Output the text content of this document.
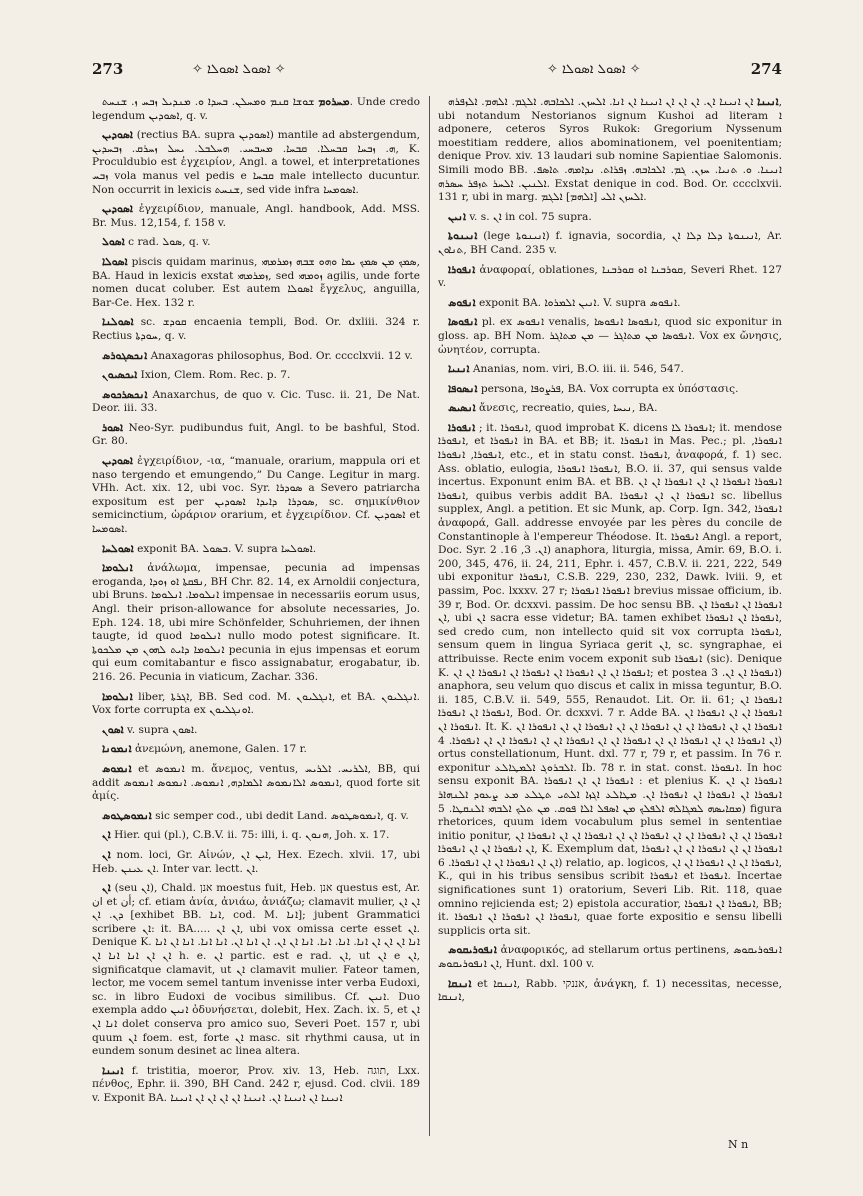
273	✧ ܐܣܘܠ ܐܣܘܠܐ ✧	✧ ܐܣܘܠ ܐܣܘܠܐ ✧	274

ܡܚܪܘܡ ܫܘܫܐ ܩܢܡ ܘܡܚܠܢ. ܒܚܕܐ ܘ. ܡܢܕܝܠ ܙܒܚ ܙ. ܫܢܚܬ. Unde credo legendum ܐܣܘܕܝܢ, q. v.

ܐܣܘܕܝܢ (rectius BA. supra ܐܣܘܕܝܢ) mantile ad abstergendum, ܗ. ܙܒܚܐ ܩܒܚܠܐ. ܩܒܚܐ. ܡܚܒܚܝ. ܗܚܠܒܠ. ܝܚܠ ܙܚܪܩ. ܙܒܚܕܝܢ, K. Proculdubio est ἐγχειρίον, Angl. a towel, et interpretationes ܙܒܚ vola manus vel pedis e ܩܒܚܐ male intellecto ducuntur. Non occurrit in lexicis ܫܢܚܬ, sed vide infra ܐܣܘܡܚܐ.

ܐܣܘܕܝܢ ἐγχειρίδιον, manuale, Angl. handbook, Add. MSS. Br. Mus. 12,154, f. 158 v.

ܐܣܘܠ c rad. ܣܘܠ, q. v.

ܐܣܘܠܐ piscis quidam marinus, ܣܡܟ ܡܢ ܣܡܟ ܝܡܐ ܘܗܘ ܫܒܗ ܙܡܪܡܗܝ, BA. Haud in lexicis exstat ܙܡܪܡܗܝ, sed ܙܘܡܗܝ agilis, unde forte nomen ducat coluber. Est autem ܐܣܘܠܐ ἔγχελυς, anguilla, Bar-Ce. Hex. 132 r.

ܐܣܘܠܢܐ sc. ܩܘܕܫ encaenia templi, Bod. Or. dxliii. 324 r. Rectius ܚܘܕܬܐ, q. v.

ܐܢܟܣܓܘܪܣ Anaxagoras philosophus, Bod. Or. cccclxvii. 12 v.

ܐܝܟܣܝܘܢ Ixion, Clem. Rom. Rec. p. 7.

ܐܢܟܣܪܟܘܣ Anaxarchus, de quo v. Cic. Tusc. ii. 21, De Nat. Deor. iii. 33.

ܐܣܘܪ Neo-Syr. pudibundus fuit, Angl. to be bashful, Stod. Gr. 80.

ܐܣܘܕܝܢ ἐγχειρίδιον, -ια, “manuale, orarium, mappula ori et naso tergendo et emungendo,” Du Cange. Legitur in marg. VHh. Act. xix. 12, ubi voc. Syr. ܣܘܕܪܐ a Severo patriarcha expositum est per ܣܘܕܪܐ ܕܐܝܕܐ ܐܣܘܕܝܢ, sc. σημικίνθιον semicinctium, ὡράριον orarium, et ἐγχειρίδιον. Cf. ܐܣܘܕܝܢ et ܐܣܘܡܚܐ.

ܐܣܘܠܚܐ exponit BA. ܒܣܘܠ. V. supra ܐܣܘܠܚܐ.

ܐܢܠܘܡܐ ἀνάλωμα, impensae, pecunia ad impensas eroganda, ܢܦܩܬܐ ܐܘ ܙܘܕܐ, BH Chr. 82. 14, ex Arnoldii conjectura, ubi Bruns. ܐܢܠܘܡܐ. ܐܢܠܘܡܐ impensae in necessariis eorum usus, Angl. their prison-allowance for absolute necessaries, Jo. Eph. 124. 18, ubi mire Schönfelder, Schuhriemen, der ihnen taugte, id quod ܐܢܠܘܡܐ nullo modo potest significare. It. ܐܢܠܘܡܐ ܕܐܝܬ ܠܗܘܢ ܡܢ ܡܠܟܘܬܐ pecunia in ejus impensas et eorum qui eum comitabantur e fisco assignabatur, erogabatur, ib. 216. 26. Pecunia in viaticum, Zachar. 336.

ܐܢܠܘܡܐ liber, ܐܓܪܬܐ, BB. Sed cod. M. ܐܢܓܠܝܘܢ, et BA. ܐܢܓܠܝܘܢ. Vox forte corrupta ex ܐܘܢܓܠܝܘܢ.

ܐܣܘܢ v. supra ܐܣܘܢ.

ܐܢܡܘܢܐ ἀνεμώνη, anemone, Galen. 17 r.

ܐܢܡܘܣ et ܐܢܡܘܣ m. ἄνεμος, ventus, ܐܠܪܝܚ. ܐܠܪܝܚ, BB, qui addit ܐܢܡܘܣ ܐܠܐܢܡܘܣ ܐܠܡܐܕܗ, ܐܢܡܘܣ. ܐܢܡܘܣ ܐܢܡܘܣ, quod forte sit ἀμίς.

ܐܢܡܘܣܛܘܣ sic semper cod., ubi dedit Land. ܐܢܡܘܣܛܘܣ, q. v.

ܐܢ Hier. qui (pl.), C.B.V. ii. 75: illi, i. q. ܗܢܘܢ, Joh. x. 17.

ܐܢ nom. loci, Gr. Αἰνών, ܐܝܢ ܐܢ, Hex. Ezech. xlvii. 17, ubi Heb. ܐܢ ܥܝܢܢ. Inter var. lectt. ܐܢ.

ܐܢ (seu ܐܢ), Chald. אנן moestus fuit, Heb. אנן questus est, Ar. ان et أن; cf. etiam ἀνία, ἀνιάω, ἀνιάζω; clamavit mulier, ܐܢ ܐܢ ܕܢ. ܐܢ [exhibet BB. ܐܢܐ, cod. M. ܐܢܐ]; jubent Grammatici scribere ܐܢ: it. BA..... ܐܢ ܐܢ, ubi vox omissa certe esset ܐܢ. Denique K. ܐܢܐ ܐܢ ܐܢ ܐܢ ܐܢܐ. ܐܢܐ. ܐܢܐ. ܐܢܐ ܐܢ ܐܢ. ܐܢ ܐܢܐ ܐܢ. ܐܢܐ ܐܢܐ. ܐܢܐ ܐܢ ܐܢܐ ܐܢ ܐܢ ܐܢܐ ܐܢܐ ܐܢ h. e. ܐܢ partic. est e rad. ܐܢ, ut ܐܢ e ܐܢ, significatque clamavit, ut ܐܢ clamavit mulier. Fateor tamen, lector, me vocem semel tantum invenisse inter verba Eudoxi, sc. in libro Eudoxi de vocibus similibus. Cf. ܐܢܝܢ. Duo exempla addo ܐܢܝܢ ὀδυνήσεται, dolebit, Hex. Zach. ix. 5, et ܐܢ ܐܢܐ ܐܢ dolet conserva pro amico suo, Severi Poet. 157 r, ubi quum ܐܢ foem. est, forte ܐܢ masc. sit rhythmi causa, ut in eundem sonum desinet ac linea altera.

ܐܢܝܢܐ f. tristitia, moeror, Prov. xiv. 13, Heb. תוגה, Lxx. πένθος, Ephr. ii. 390, BH Cand. 242 r, ejusd. Cod. clvii. 189 v. Exponit BA. ܐܢܝܢܐ ܐܢ ܐܢܝܢܐ ܐܢ. ܐܢܝܢܐ ܐܢ ܐܢ ܐܢ ܐܢ ܐܢܝܢܐ

ܐܢܝܢܐ ܐܢ ܐܢܝܢܐ ܐܢ. ܐܢ ܐܢ ܐܢ ܐܢܝܢܐ ܐܢ ܐܢܐ. ܐܠܚܙܢ. ܐܠܟܐܒܗ. ܐܠܓܡ. ܐܠܗܡ. ܐܠܙܦܪܗ, ubi notandum Nestorianos signum Kushoi ad literam ܐ adponere, ceteros Syros Rukok: Gregorium Nyssenum moestitiam reddere, alios abominationem, vel poenitentiam; denique Prov. xiv. 13 laudari sub nomine Sapientiae Salomonis. Simili modo BB. ܐܢܝܢܐ. ܘ. ܬܢܝܐ. ܚܙܢ. ܓܡ. ܐܠܟܐܒܗ. ܙܦܪܐܬ. ܢܕܐܡܗ. ܬܐܣܦ. ܐܠܢܝܢ. ܐܠܚܪ ܬܙܦܪ ܚܣܪܗ. Exstat denique in cod. Bod. Or. cccclxvii. 131 r, ubi in marg. ܐܠܚܙܢ ܐܠܝ [ܐܠܗܡ] ܐܠܓܡ.

ܐܢܝܢ v. s. ܐܢ in col. 75 supra.

ܐܢܝܢܘܬܐ (lege ܐܢܝܢܘܬܐ) f. ignavia, socordia, ܐܢܝܢܘܬܐ ܕܠܐ ܕܠܐ ܐܢ, Ar. ܬܢܐܘܢ, BH Cand. 235 v.

ܐܢܦܘܪܐ ἀναφοραί, oblationes, ܩܘܪܒܢܐ ܐܘ ܩܘܪܒܢܐ, Severi Rhet. 127 v.

ܐܢܦܘܣ exponit BA. ܐܢܝܢ ܐܠܡܪܘܐ. V. supra ܐܢܦܘܣ.

ܐܢܦܘܣܐ pl. ex ܐܢܦܘܣ venalis, ܐܢܦܘܣܐ ܐܢܦܘܣܐ, quod sic exponitur in gloss. ap. BH Nom. ܐܢܦܘܣܐ ܡܢ ܡܬܐܓܪ — ܡܢ ܡܬܐܓܪ. Vox ex ὤνησις, ὠνητέον, corrupta.

ܐܢܢܝܐ Ananias, nom. viri, B.O. iii. ii. 546, 547.

ܐܢܣܘܦܐ persona, ܦܪܨܘܦܐ, BA. Vox corrupta ex ὑπόστασις.

ܐܢܣܝܣ ἄνεσις, recreatio, quies, ܢܝܚܐ, BA.

ܐܢܦܘܪܐ ; it. ܐܢܦܘܪܐ, quod improbat K. dicens ܐܢܦܘܪܐ ܠܐ; it. mendose ܐܢܦܘܪܐ, et ܐܢܦܘܪܐ in BA. et BB; it. ܐܢܦܘܪܐ in Mas. Pec.; pl. ܐܢܦܘܪܐ, ܐܢܦܘܪܐ, ܐܢܦܘܪܐ, etc., et in statu const. ܐܢܦܘܪܐ, ἀναφορά, f. 1) sec. Ass. oblatio, eulogia, ܐܢܦܘܪܐ ܐܢܦܘܪܐ, B.O. ii. 37, qui sensus valde incertus. Exponunt enim BA. et BB. ܐܢܦܘܪܐ ܐܢܦܘܪܐ ܐܢ ܐܢ ܐܢܦܘܪܐ ܐܢ ܐܢ ܐܢܦܘܪܐ, quibus verbis addit BA. ܐܢܦܘܪܐ ܐܢ ܐܢ ܐܢܦܘܪܐ sc. libellus supplex, Angl. a petition. Et sic Munk, ap. Corp. Ign. 342, ܐܢܦܘܪܐ ἀναφορά, Gall. addresse envoyée par les pères du concile de Constantinople à l'empereur Théodose. It. ܐܢܦܘܪܐ Angl. a report, Doc. Syr. ܐܢ. 3, 16. 2) anaphora, liturgia, missa, Amir. 69, B.O. i. 200, 345, 476, ii. 24, 211, Ephr. i. 457, C.B.V. ii. 221, 222, 549 ubi exponitur ܐܢܦܘܪܐ, C.S.B. 229, 230, 232, Dawk. lviii. 9, et passim, Poc. lxxxv. 27 r; ܐܢܦܘܪܐ ܐܢܦܘܪܐ brevius missae officium, ib. 39 r, Bod. Or. dcxxvi. passim. De hoc sensu BB. ܐܢܦܘܪܐ ܐܢ ܐܢܦܘܪܐ ܐܢ ܐܢ, ubi ܐܢ sacra esse videtur; BA. tamen exhibet ܐܢܦܘܪܐ ܐܢ ܐܢܦܘܪܐ, sed credo cum, non intellecto quid sit vox corrupta ܐܢܦܘܪܐ, sensum quem in lingua Syriaca gerit ܐܢ, sc. syngraphae, ei attribuisse. Recte enim vocem exponit sub ܐܢܦܘܪܐ (sic). Denique K. ܐܢܦܘܪܐ ܐܢ ܐܢ ܐܢܦܘܪܐ ܐܢ ܐܢܦܘܪܐ ܐܢ ܐܢܦܘܪܐ ܐܢ ܐܢ; et postea ܐܢܦܘܪܐ ܐܢ ܐܢ. 3) anaphora, seu velum quo discus et calix in missa teguntur, B.O. ii. 185, C.B.V. ii. 549, 555, Renaudot. Lit. Or. ii. 61; ܐܢܦܘܪܐ ܐܢ ܐܢܦܘܪܐ ܐܢ ܐܢܦܘܪܐ, Bod. Or. dcxxvi. 7 r. Adde BA. ܐܢܦܘܪܐ ܐܢ ܐܢ ܐܢܦܘܪܐ ܐܢ ܐܢܦܘܪܐ ܐܢ. It. K. ܐܢܦܘܪܐ ܐܢ ܐܢ ܐܢܦܘܪܐ ܐܢ ܐܢ ܐܢܦܘܪܐ ܐܢ ܐܢ ܐܢܦܘܪܐ ܐܢ ܐܢ ܐܢܦܘܪܐ ܐܢ ܐܢ ܐܢܦܘܪܐ ܐܢ ܐܢ ܐܢܦܘܪܐ ܐܢ ܐܢ ܐܢܦܘܪܐ ܐܢ ܐܢ ܐܢܦܘܪܐ ܐܢ ܐܢ ܐܢܦܘܪܐ ܐܢ ܐܢ ܐܢܦܘܪܐ. 4) ortus constellationum, Hunt. dxl. 77 r, 79 r, et passim. In 76 r. exponitur ܐܠܒܪܘܓ ܐܠܡܛܐܠܥ. Ib. 78 r. in stat. const. ܐܢܦܘܪܐ. In hoc sensu exponit BA. ܐܢܦܘܪܐ ܐܢ ܐܢ ܐܢܦܘܪܐ : et plenius K. ܐܢܦܘܪܐ ܐܢ ܐܢ ܐܢܦܘܪܐ ܐܢ ܐܢܦܘܪܐ ܐܢ ܐܢܦܘܪܐ ܐܢ. ܡܛܐܠܥ ܐܓܙܐ ܐܠܬܝ ܬܛܠܥ ܡܥ ܨܥܘܕ ܐܠܢܗܐܪ ܡܩܐܝܣܗ ܠܡܓܐܠܗ ܐܠܦܠܟ ܡܢ ܐܣܦܠ ܐܠܐ ܦܘܩ. ܡܢ ܬܠܟ ܐܠܒܗܝ ܐܠܢܩܛܐ. 5) figura rhetorices, quum idem vocabulum plus semel in sententiae initio ponitur, ܐܢܦܘܪܐ ܐܢ ܐܢ ܐܢܦܘܪܐ ܐܢ ܐܢ ܐܢܦܘܪܐ ܐܢ ܐܢ ܐܢܦܘܪܐ ܐܢ ܐܢ ܐܢܦܘܪܐ ܐܢ ܐܢ ܐܢܦܘܪܐ ܐܢ ܐܢ ܐܢܦܘܪܐ, K. Exemplum dat, ܐܢܦܘܪܐ ܐܢ ܐܢ ܐܢܦܘܪܐ ܐܢ ܐܢ ܐܢܦܘܪܐ ܐܢ ܐܢ ܐܢܦܘܪܐ ܐܢ ܐܢ ܐܢܦܘܪܐ. 6) relatio, ap. logicos, ܐܢܦܘܪܐ ܐܢ ܐܢ ܐܢܦܘܪܐ ܐܢ ܐܢ, K., qui in his tribus sensibus scribit ܐܢܦܘܪܐ et ܐܢܦܘܪܐ. Incertae significationes sunt 1) oratorium, Severi Lib. Rit. 118, quae omnino rejicienda est; 2) epistola accuratior, ܐܢܦܘܪܐ ܐܢ ܐܢܦܘܪܐ, BB; it. ܐܢܦܘܪܐ ܐܢ ܐܢܦܘܪܐ ܐܢ ܐܢܦܘܪܐ, quae forte expositio e sensu libelli supplicis orta sit.

ܐܢܦܘܪܝܩܘܣ ἀναφορικός, ad stellarum ortus pertinens, ܐܢܦܘܪܝܩܘܣ ܐܢ ܐܢܦܘܪܝܩܘܣ, Hunt. dxl. 100 v.

ܐܢܢܩܐ et ܐܢܢܩܐ, Rabb. אננקי, ἀνάγκη, f. 1) necessitas, necesse, ܐܢܢܩܐ,

N n
